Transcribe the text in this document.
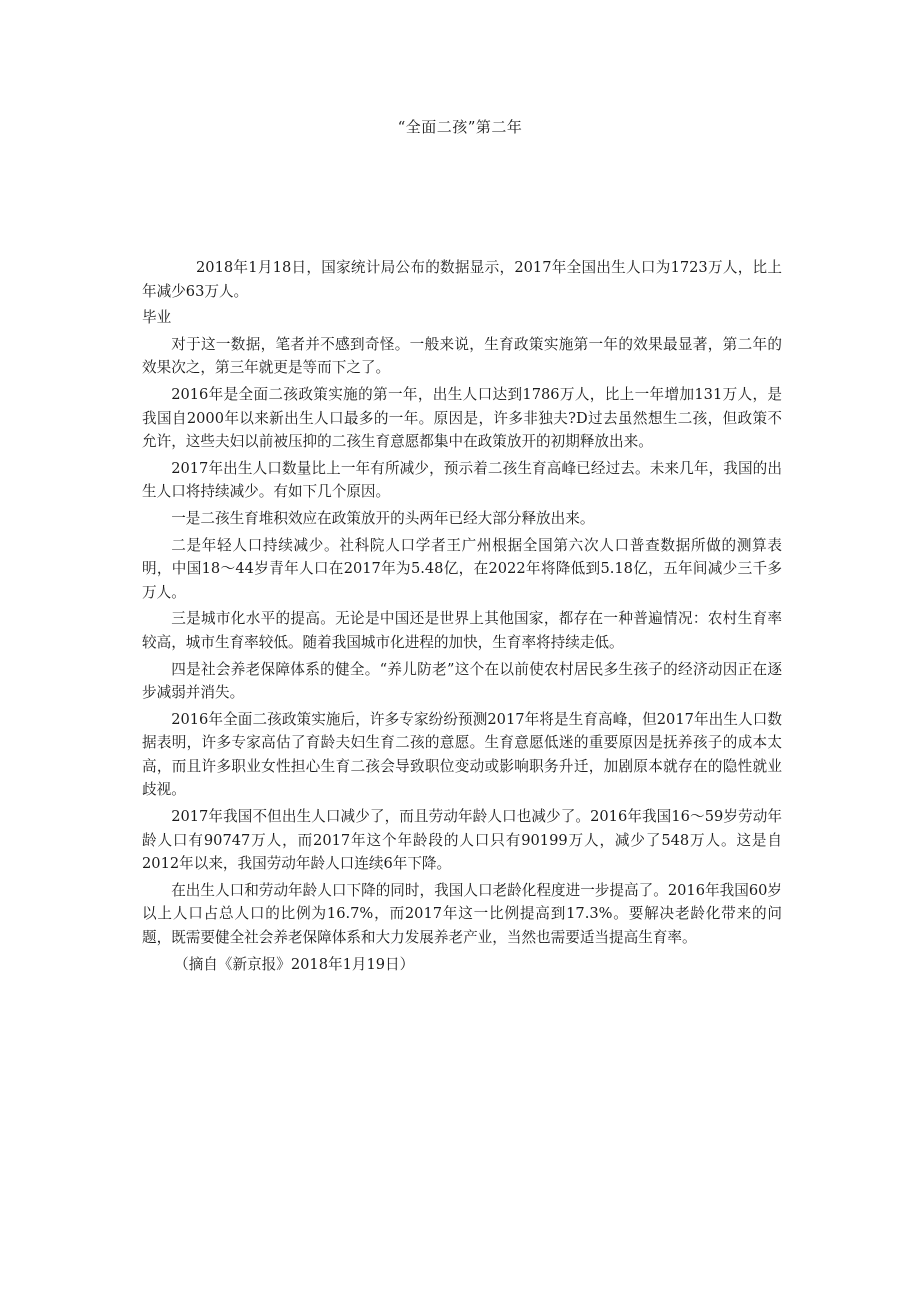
“全面二孩”第二年

2018年1月18日，国家统计局公布的数据显示，2017年全国出生人口为1723万人，比上年减少63万人。

毕业

对于这一数据，笔者并不感到奇怪。一般来说，生育政策实施第一年的效果最显著，第二年的效果次之，第三年就更是等而下之了。

2016年是全面二孩政策实施的第一年，出生人口达到1786万人，比上一年增加131万人，是我国自2000年以来新出生人口最多的一年。原因是，许多非独夫?D过去虽然想生二孩，但政策不允许，这些夫妇以前被压抑的二孩生育意愿都集中在政策放开的初期释放出来。

2017年出生人口数量比上一年有所减少，预示着二孩生育高峰已经过去。未来几年，我国的出生人口将持续减少。有如下几个原因。

一是二孩生育堆积效应在政策放开的头两年已经大部分释放出来。

二是年轻人口持续减少。社科院人口学者王广州根据全国第六次人口普查数据所做的测算表明，中国18～44岁青年人口在2017年为5.48亿，在2022年将降低到5.18亿，五年间减少三千多万人。

三是城市化水平的提高。无论是中国还是世界上其他国家，都存在一种普遍情况：农村生育率较高，城市生育率较低。随着我国城市化进程的加快，生育率将持续走低。

四是社会养老保障体系的健全。“养儿防老”这个在以前使农村居民多生孩子的经济动因正在逐步减弱并消失。

2016年全面二孩政策实施后，许多专家纷纷预测2017年将是生育高峰，但2017年出生人口数据表明，许多专家高估了育龄夫妇生育二孩的意愿。生育意愿低迷的重要原因是抚养孩子的成本太高，而且许多职业女性担心生育二孩会导致职位变动或影响职务升迁，加剧原本就存在的隐性就业歧视。

2017年我国不但出生人口减少了，而且劳动年龄人口也减少了。2016年我国16～59岁劳动年龄人口有90747万人，而2017年这个年龄段的人口只有90199万人，减少了548万人。这是自2012年以来，我国劳动年龄人口连续6年下降。

在出生人口和劳动年龄人口下降的同时，我国人口老龄化程度进一步提高了。2016年我国60岁以上人口占总人口的比例为16.7%，而2017年这一比例提高到17.3%。要解决老龄化带来的问题，既需要健全社会养老保障体系和大力发展养老产业，当然也需要适当提高生育率。

（摘自《新京报》2018年1月19日）
